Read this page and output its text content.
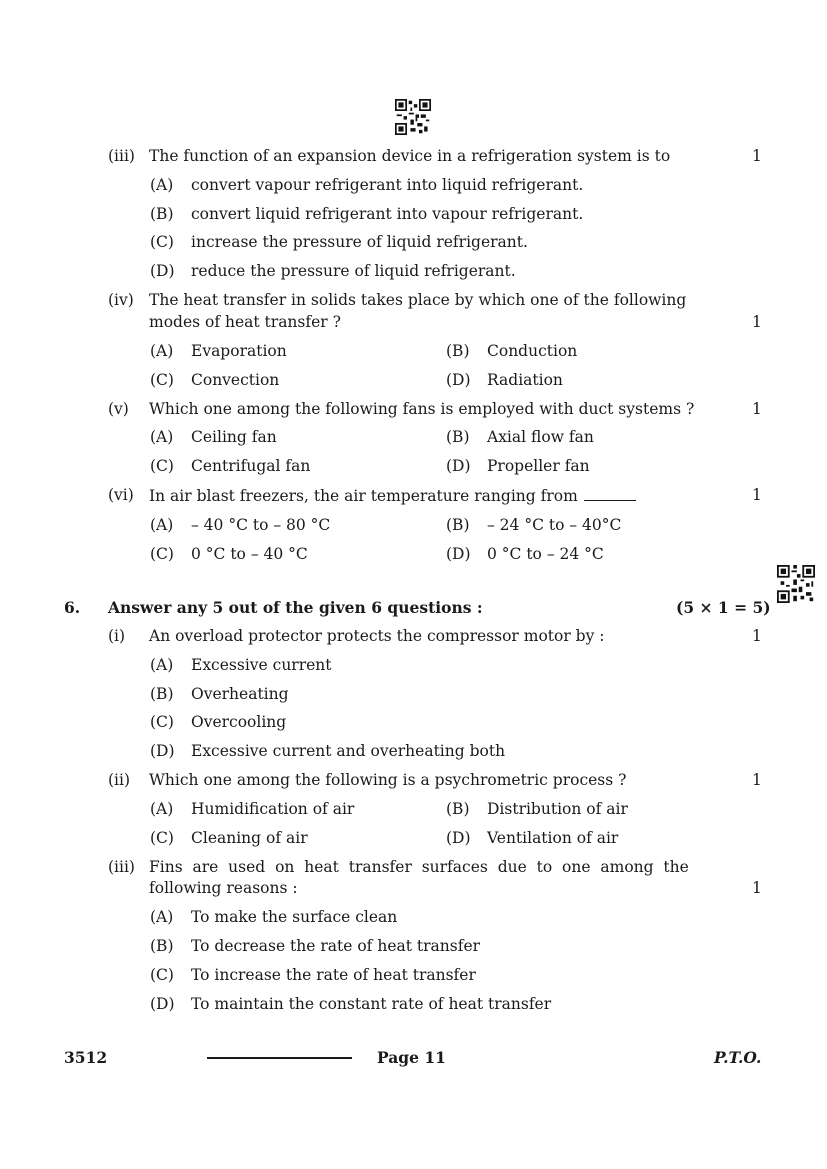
(iii) The function of an expansion device in a refrigeration system is to	1
(A) convert vapour refrigerant into liquid refrigerant.
(B) convert liquid refrigerant into vapour refrigerant.
(C) increase the pressure of liquid refrigerant.
(D) reduce the pressure of liquid refrigerant.
(iv) The heat transfer in solids takes place by which one of the following
modes of heat transfer ?	1
(A) Evaporation	(B) Conduction
(C) Convection	(D) Radiation
(v) Which one among the following fans is employed with duct systems ?	1
(A) Ceiling fan	(B) Axial flow fan
(C) Centrifugal fan	(D) Propeller fan
(vi) In air blast freezers, the air temperature ranging from	1
(A) – 40 °C to – 80 °C	(B) – 24 °C to – 40°C
(C) 0 °C to – 40 °C	(D) 0 °C to – 24 °C
6. Answer any 5 out of the given 6 questions :	(5 × 1 = 5)
(i) An overload protector protects the compressor motor by :	1
(A) Excessive current
(B) Overheating
(C) Overcooling
(D) Excessive current and overheating both
(ii) Which one among the following is a psychrometric process ?	1
(A) Humidification of air	(B) Distribution of air
(C) Cleaning of air	(D) Ventilation of air
(iii) Fins  are  used  on  heat  transfer  surfaces  due  to  one  among  the
following reasons :	1
(A) To make the surface clean
(B) To decrease the rate of heat transfer
(C) To increase the rate of heat transfer
(D) To maintain the constant rate of heat transfer
3512	Page 11	P.T.O.
